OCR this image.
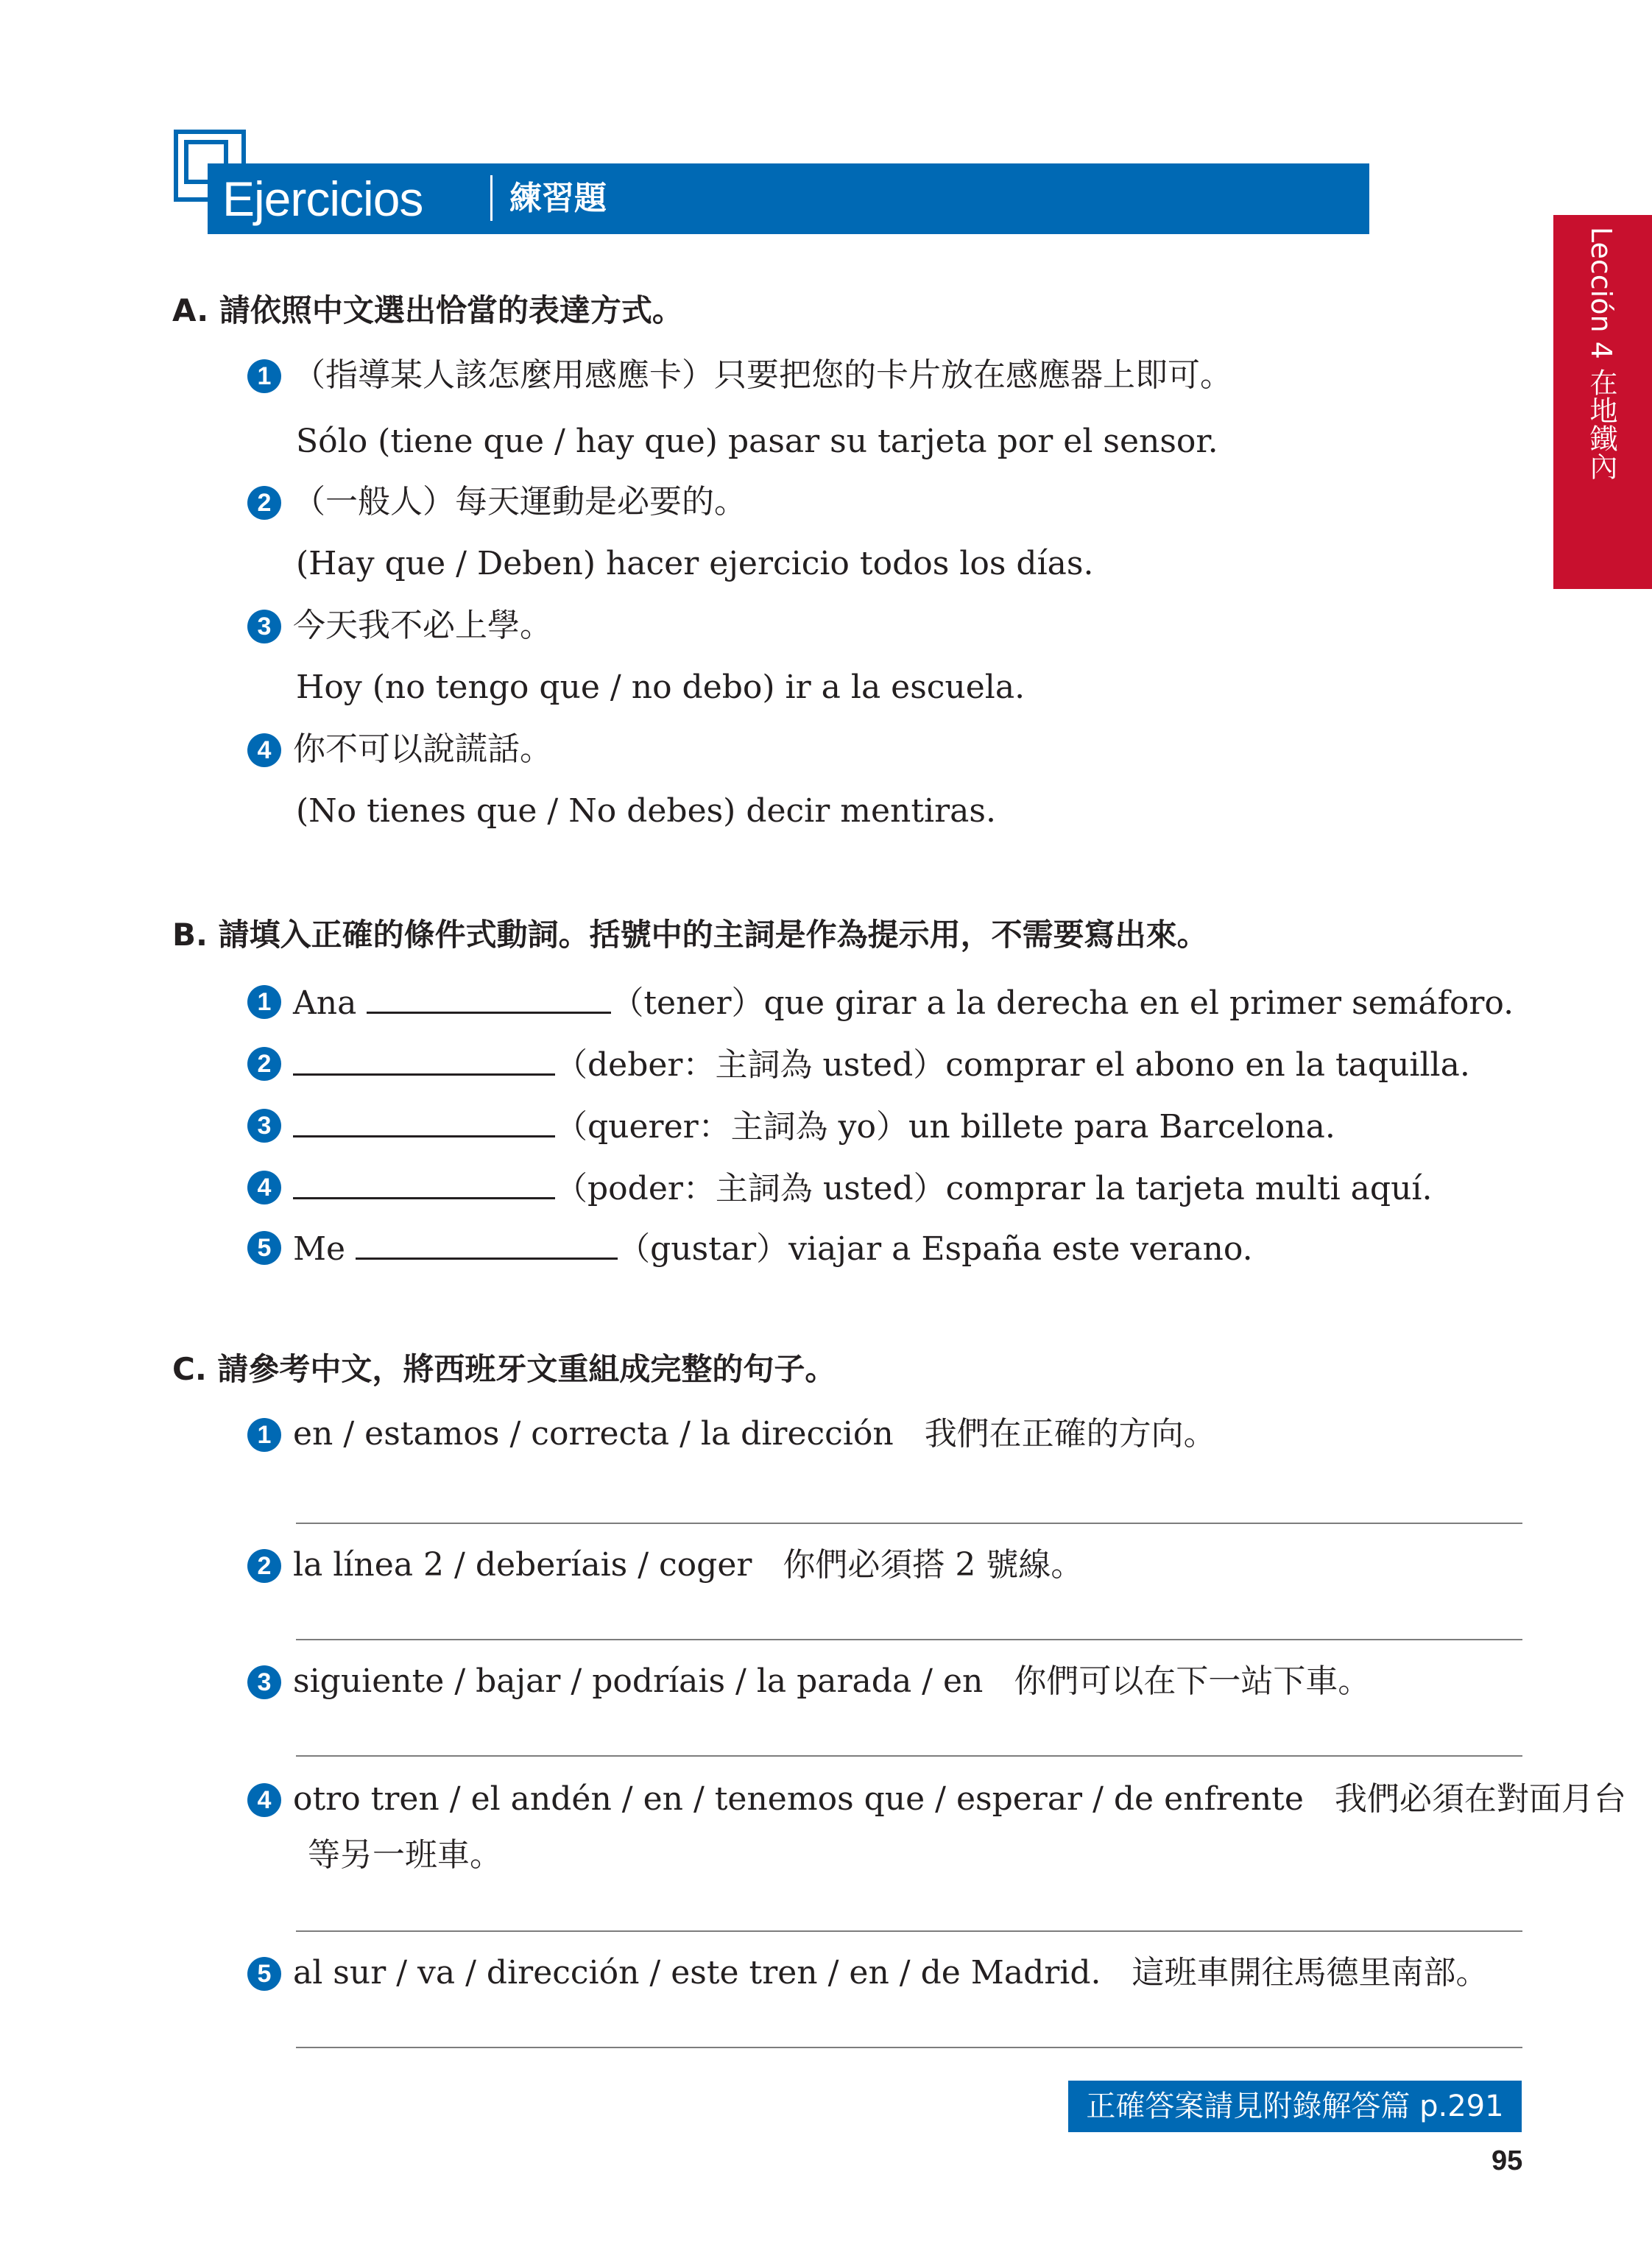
Ejercicios	練習題
Lección 4 在地鐵內
A. 請依照中文選出恰當的表達方式。
1 （指導某人該怎麼用感應卡）只要把您的卡片放在感應器上即可。
Sólo (tiene que / hay que) pasar su tarjeta por el sensor.
2 （一般人）每天運動是必要的。
(Hay que / Deben) hacer ejercicio todos los días.
3 今天我不必上學。
Hoy (no tengo que / no debo) ir a la escuela.
4 你不可以說謊話。
(No tienes que / No debes) decir mentiras.
B. 請填入正確的條件式動詞。括號中的主詞是作為提示用，不需要寫出來。
1 Ana	（tener）que girar a la derecha en el primer semáforo.
2	（deber：主詞為 usted）comprar el abono en la taquilla.
3	（querer：主詞為 yo）un billete para Barcelona.
4	（poder：主詞為 usted）comprar la tarjeta multi aquí.
5 Me	（gustar）viajar a España este verano.
C. 請參考中文，將西班牙文重組成完整的句子。
1 en / estamos / correcta / la dirección 我們在正確的方向。
2 la línea 2 / deberíais / coger 你們必須搭 2 號線。
3 siguiente / bajar / podríais / la parada / en 你們可以在下一站下車。
4 otro tren / el andén / en / tenemos que / esperar / de enfrente 我們必須在對面月台
等另一班車。
5 al sur / va / dirección / este tren / en / de Madrid. 這班車開往馬德里南部。
正確答案請見附錄解答篇 p.291
95
